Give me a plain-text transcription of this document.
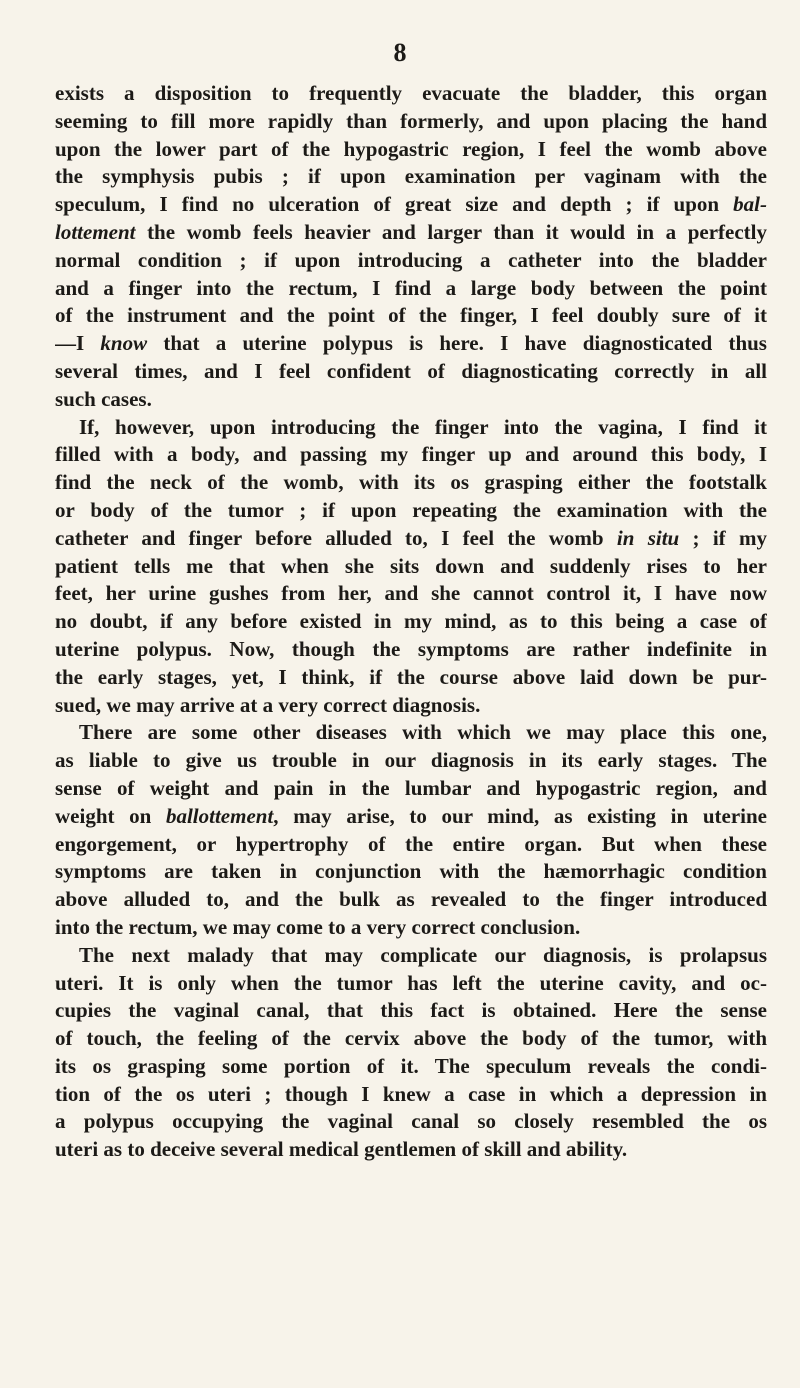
8
exists a disposition to frequently evacuate the bladder, this organ
seeming to fill more rapidly than formerly, and upon placing the hand
upon the lower part of the hypogastric region, I feel the womb above
the symphysis pubis ; if upon examination per vaginam with the
speculum, I find no ulceration of great size and depth ; if upon bal-
lottement the womb feels heavier and larger than it would in a perfectly
normal condition ; if upon introducing a catheter into the bladder
and a finger into the rectum, I find a large body between the point
of the instrument and the point of the finger, I feel doubly sure of it
—I know that a uterine polypus is here. I have diagnosticated thus
several times, and I feel confident of diagnosticating correctly in all
such cases.
If, however, upon introducing the finger into the vagina, I find it
filled with a body, and passing my finger up and around this body, I
find the neck of the womb, with its os grasping either the footstalk
or body of the tumor ; if upon repeating the examination with the
catheter and finger before alluded to, I feel the womb in situ ; if my
patient tells me that when she sits down and suddenly rises to her
feet, her urine gushes from her, and she cannot control it, I have now
no doubt, if any before existed in my mind, as to this being a case of
uterine polypus. Now, though the symptoms are rather indefinite in
the early stages, yet, I think, if the course above laid down be pur-
sued, we may arrive at a very correct diagnosis.
There are some other diseases with which we may place this one,
as liable to give us trouble in our diagnosis in its early stages. The
sense of weight and pain in the lumbar and hypogastric region, and
weight on ballottement, may arise, to our mind, as existing in uterine
engorgement, or hypertrophy of the entire organ. But when these
symptoms are taken in conjunction with the hæmorrhagic condition
above alluded to, and the bulk as revealed to the finger introduced
into the rectum, we may come to a very correct conclusion.
The next malady that may complicate our diagnosis, is prolapsus
uteri. It is only when the tumor has left the uterine cavity, and oc-
cupies the vaginal canal, that this fact is obtained. Here the sense
of touch, the feeling of the cervix above the body of the tumor, with
its os grasping some portion of it. The speculum reveals the condi-
tion of the os uteri ; though I knew a case in which a depression in
a polypus occupying the vaginal canal so closely resembled the os
uteri as to deceive several medical gentlemen of skill and ability.
